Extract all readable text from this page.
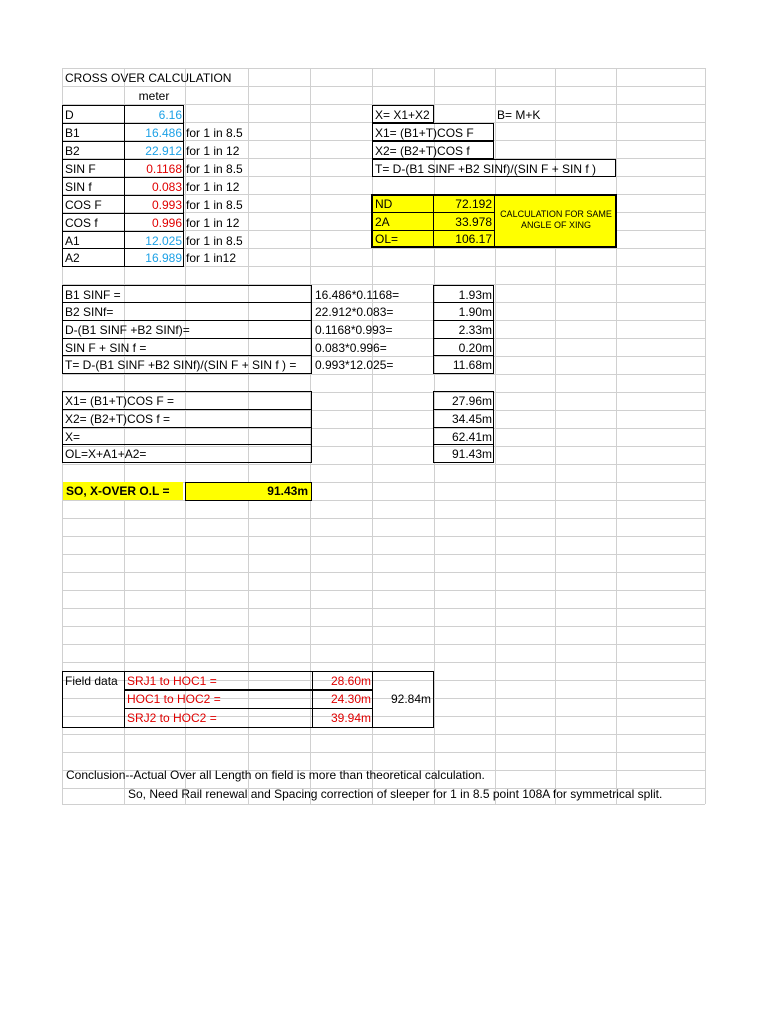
CROSS OVER CALCULATION
meter
D	6.16
B1	16.486 for 1 in 8.5
B2	22.912 for 1 in 12
SIN F	0.1168 for 1 in 8.5
SIN f	0.083 for 1 in 12
COS F	0.993 for 1 in 8.5
COS f	0.996 for 1 in 12
A1	12.025 for 1 in 8.5
A2	16.989 for 1 in12
X= X1+X2	B= M+K
X1= (B1+T)COS F
X2= (B2+T)COS f
T= D-(B1 SINF +B2 SINf)/(SIN F + SIN f )
ND	72.192
2A	33.978
OL=	106.17
CALCULATION FOR SAME ANGLE OF XING
B1 SINF =	16.486*0.1168=	1.93m
B2 SINf=	22.912*0.083=	1.90m
D-(B1 SINF +B2 SINf)=	0.1168*0.993=	2.33m
SIN F + SIN f =	0.083*0.996=	0.20m
T= D-(B1 SINF +B2 SINf)/(SIN F + SIN f ) = 0.993*12.025=	11.68m
X1= (B1+T)COS F =	27.96m
X2= (B2+T)COS f =	34.45m
X=	62.41m
OL=X+A1+A2=	91.43m
SO, X-OVER O.L =	91.43m
Field data SRJ1 to HOC1 =	28.60m
HOC1 to HOC2 =	24.30m	92.84m
SRJ2 to HOC2 =	39.94m
Conclusion--Actual Over all Length on field is more than theoretical calculation.
So, Need Rail renewal and Spacing correction of sleeper for 1 in 8.5 point 108A for symmetrical split.
